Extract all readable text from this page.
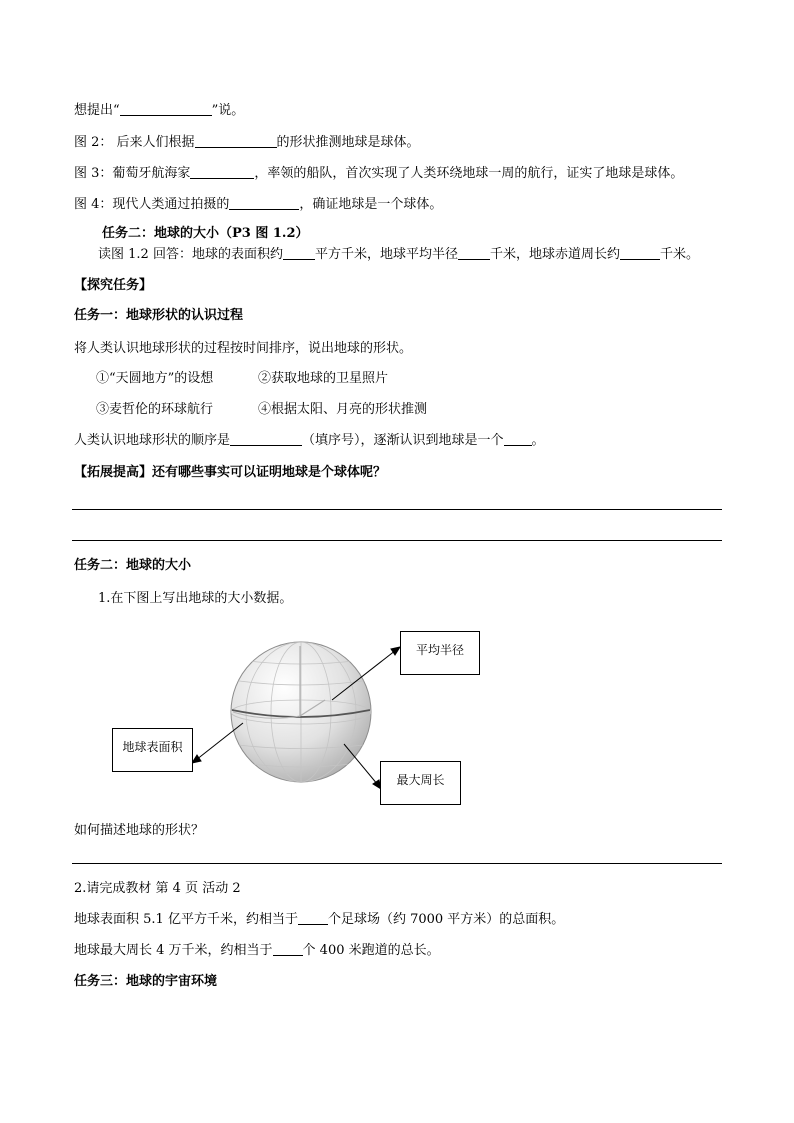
想提出“	”说。
图 2： 后来人们根据	的形状推测地球是球体。
图 3：葡萄牙航海家	，率领的船队，首次实现了人类环绕地球一周的航行，证实了地球是球体。
图 4：现代人类通过拍摄的	，确证地球是一个球体。
任务二：地球的大小（P3 图 1.2）
读图 1.2 回答：地球的表面积约 平方千米，地球平均半径 千米，地球赤道周长约	千米。
【探究任务】
任务一：地球形状的认识过程
将人类认识地球形状的过程按时间排序，说出地球的形状。
①“天圆地方”的设想	②获取地球的卫星照片
③麦哲伦的环球航行	④根据太阳、月亮的形状推测
人类认识地球形状的顺序是	（填序号），逐渐认识到地球是一个 。
【拓展提高】还有哪些事实可以证明地球是个球体呢？
任务二：地球的大小
1.在下图上写出地球的大小数据。
平均半径
地球表面积
最大周长
如何描述地球的形状？
2.请完成教材 第 4 页 活动 2
地球表面积 5.1 亿平方千米，约相当于 个足球场（约 7000 平方米）的总面积。
地球最大周长 4 万千米，约相当于 个 400 米跑道的总长。
任务三：地球的宇宙环境
